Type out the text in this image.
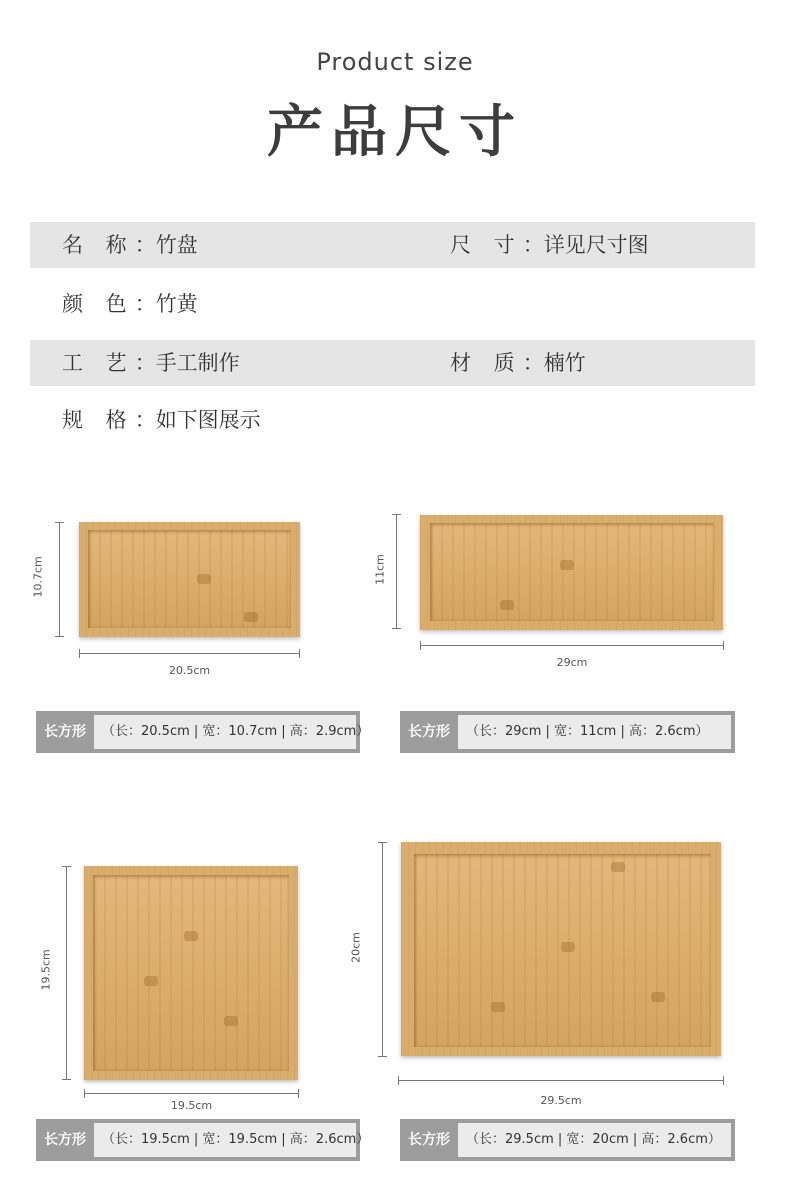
Product size
产品尺寸
名 称：竹盘	尺 寸：详见尺寸图
颜 色：竹黄
工 艺：手工制作	材 质：楠竹
规 格：如下图展示
10.7cm
20.5cm
长方形	（长：20.5cm | 宽：10.7cm | 高：2.9cm）
11cm
29cm
长方形	（长：29cm | 宽：11cm | 高：2.6cm）
19.5cm
19.5cm
长方形	（长：19.5cm | 宽：19.5cm | 高：2.6cm）
20cm
29.5cm
长方形	（长：29.5cm | 宽：20cm | 高：2.6cm）
